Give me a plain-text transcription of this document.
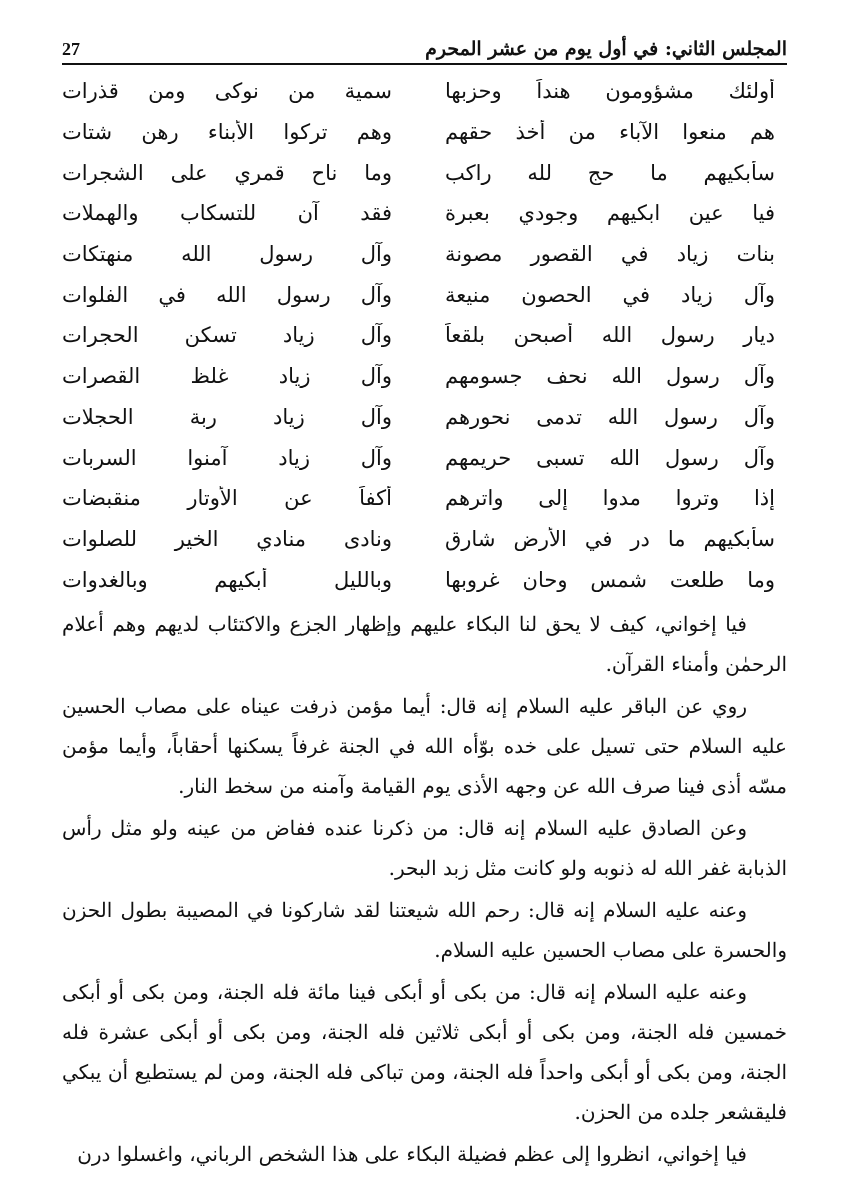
المجلس الثاني: في أول يوم من عشر المحرم
27
أولئك مشؤومون هنداً وحزبها
سمية من نوكى ومن قذرات
هم منعوا الآباء من أخذ حقهم
وهم تركوا الأبناء رهن شتات
سأبكيهم ما حج لله راكب
وما ناح قمري على الشجرات
فيا عين ابكيهم وجودي بعبرة
فقد آن للتسكاب والهملات
بنات زياد في القصور مصونة
وآل رسول الله منهتكات
وآل زياد في الحصون منيعة
وآل رسول الله في الفلوات
ديار رسول الله أصبحن بلقعاً
وآل زياد تسكن الحجرات
وآل رسول الله نحف جسومهم
وآل زياد غلظ القصرات
وآل رسول الله تدمى نحورهم
وآل زياد ربة الحجلات
وآل رسول الله تسبى حريمهم
وآل زياد آمنوا السربات
إذا وتروا مدوا إلى واترهم
أكفاً عن الأوتار منقبضات
سأبكيهم ما در في الأرض شارق
ونادى منادي الخير للصلوات
وما طلعت شمس وحان غروبها
وبالليل أبكيهم وبالغدوات

فيا إخواني، كيف لا يحق لنا البكاء عليهم وإظهار الجزع والاكتئاب لديهم وهم أعلام الرحمٰن وأمناء القرآن.

روي عن الباقر عليه السلام إنه قال: أيما مؤمن ذرفت عيناه على مصاب الحسين عليه السلام حتى تسيل على خده بوّأه الله في الجنة غرفاً يسكنها أحقاباً، وأيما مؤمن مسّه أذى فينا صرف الله عن وجهه الأذى يوم القيامة وآمنه من سخط النار.

وعن الصادق عليه السلام إنه قال: من ذكرنا عنده ففاض من عينه ولو مثل رأس الذبابة غفر الله له ذنوبه ولو كانت مثل زبد البحر.

وعنه عليه السلام إنه قال: رحم الله شيعتنا لقد شاركونا في المصيبة بطول الحزن والحسرة على مصاب الحسين عليه السلام.

وعنه عليه السلام إنه قال: من بكى أو أبكى فينا مائة فله الجنة، ومن بكى أو أبكى خمسين فله الجنة، ومن بكى أو أبكى ثلاثين فله الجنة، ومن بكى أو أبكى عشرة فله الجنة، ومن بكى أو أبكى واحداً فله الجنة، ومن تباكى فله الجنة، ومن لم يستطيع أن يبكي فليقشعر جلده من الحزن.

فيا إخواني، انظروا إلى عظم فضيلة البكاء على هذا الشخص الرباني، واغسلوا درن
